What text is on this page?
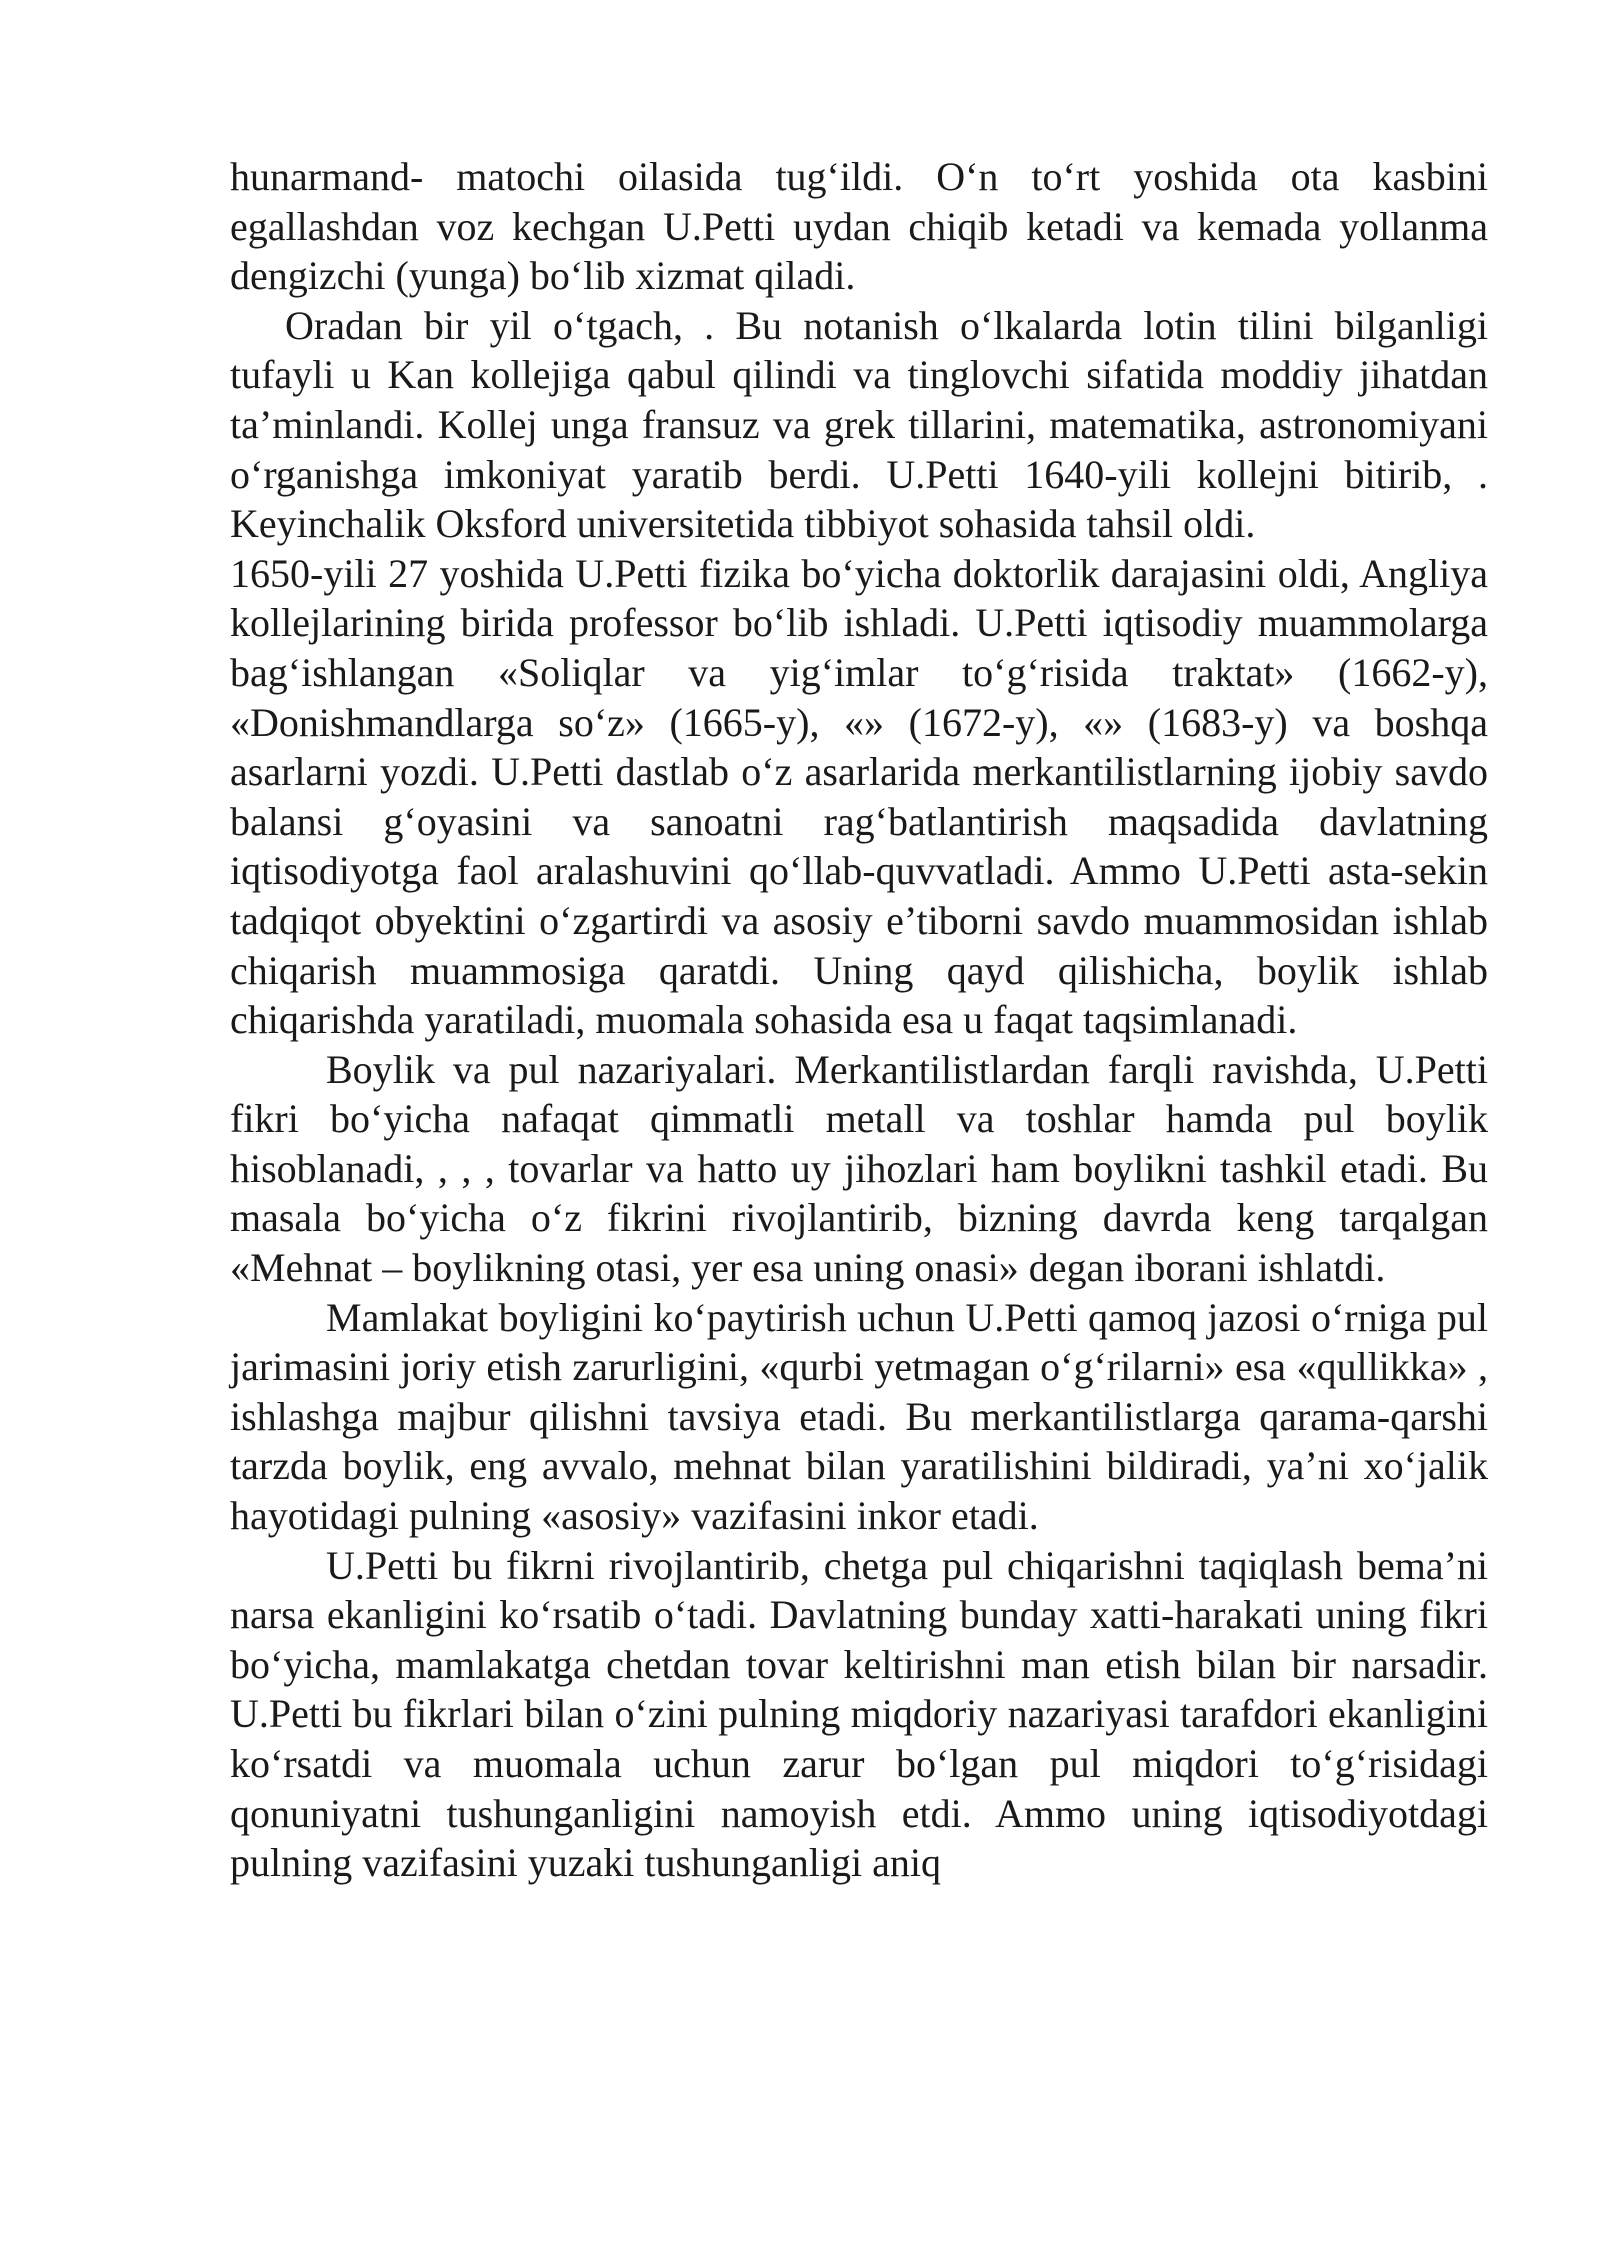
hunarmand- matochi oilasida tug‘ildi. O‘n to‘rt yoshida ota kasbini egallashdan voz kechgan U.Petti uydan chiqib ketadi va kemada yollanma dengizchi (yunga) bo‘lib xizmat qiladi.

Oradan bir yil o‘tgach, . Bu notanish o‘lkalarda lotin tilini bilganligi tufayli u Kan kollejiga qabul qilindi va tinglovchi sifatida moddiy jihatdan ta’minlandi. Kollej unga fransuz va grek tillarini, matematika, astronomiyani o‘rganishga imkoniyat yaratib berdi. U.Petti 1640-yili kollejni bitirib, . Keyinchalik Oksford universitetida tibbiyot sohasida tahsil oldi.

1650-yili 27 yoshida U.Petti fizika bo‘yicha doktorlik darajasini oldi, Angliya kollejlarining birida professor bo‘lib ishladi. U.Petti iqtisodiy muammolarga bag‘ishlangan «Soliqlar va yig‘imlar to‘g‘risida traktat» (1662-y), «Donishmandlarga so‘z» (1665-y), «» (1672-y), «» (1683-y) va boshqa asarlarni yozdi. U.Petti dastlab o‘z asarlarida merkantilistlarning ijobiy savdo balansi g‘oyasini va sanoatni rag‘batlantirish maqsadida davlatning iqtisodiyotga faol aralashuvini qo‘llab-quvvatladi. Ammo U.Petti asta-sekin tadqiqot obyektini o‘zgartirdi va asosiy e’tiborni savdo muammosidan ishlab chiqarish muammosiga qaratdi. Uning qayd qilishicha, boylik ishlab chiqarishda yaratiladi, muomala sohasida esa u faqat taqsimlanadi.

Boylik va pul nazariyalari. Merkantilistlardan farqli ravishda, U.Petti fikri bo‘yicha nafaqat qimmatli metall va toshlar hamda pul boylik hisoblanadi, , , , tovarlar va hatto uy jihozlari ham boylikni tashkil etadi. Bu masala bo‘yicha o‘z fikrini rivojlantirib, bizning davrda keng tarqalgan «Mehnat – boylikning otasi, yer esa uning onasi» degan iborani ishlatdi.

Mamlakat boyligini ko‘paytirish uchun U.Petti qamoq jazosi o‘rniga pul jarimasini joriy etish zarurligini, «qurbi yetmagan o‘g‘rilarni» esa «qullikka» , ishlashga majbur qilishni tavsiya etadi. Bu merkantilistlarga qarama-qarshi tarzda boylik, eng avvalo, mehnat bilan yaratilishini bildiradi, ya’ni xo‘jalik hayotidagi pulning «asosiy» vazifasini inkor etadi.

U.Petti bu fikrni rivojlantirib, chetga pul chiqarishni taqiqlash bema’ni narsa ekanligini ko‘rsatib o‘tadi. Davlatning bunday xatti-harakati uning fikri bo‘yicha, mamlakatga chetdan tovar keltirishni man etish bilan bir narsadir. U.Petti bu fikrlari bilan o‘zini pulning miqdoriy nazariyasi tarafdori ekanligini ko‘rsatdi va muomala uchun zarur bo‘lgan pul miqdori to‘g‘risidagi qonuniyatni tushunganligini namoyish etdi. Ammo uning iqtisodiyotdagi pulning vazifasini yuzaki tushunganligi aniq
